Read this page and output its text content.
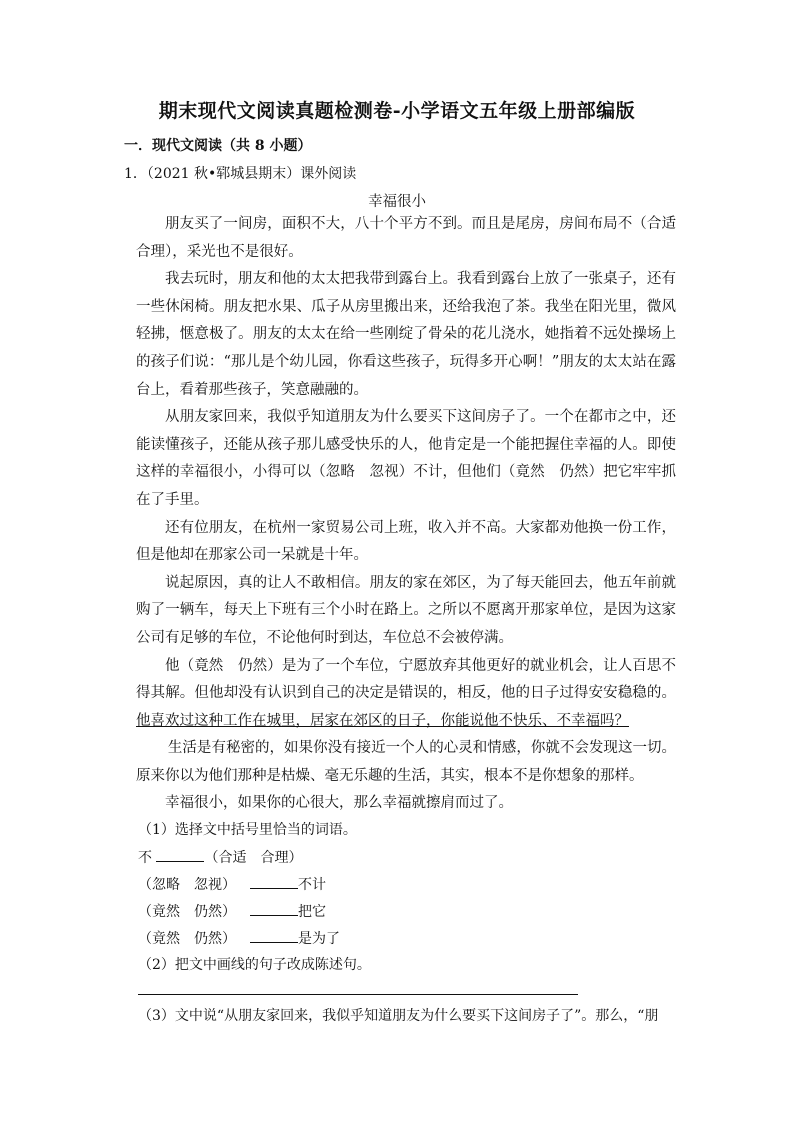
期末现代文阅读真题检测卷-小学语文五年级上册部编版
一．现代文阅读（共 8 小题）
1．（2021 秋•郓城县期末）课外阅读
幸福很小

朋友买了一间房，面积不大，八十个平方不到。而且是尾房，房间布局不（合适 合理），采光也不是很好。

我去玩时，朋友和他的太太把我带到露台上。我看到露台上放了一张桌子，还有一些休闲椅。朋友把水果、瓜子从房里搬出来，还给我泡了茶。我坐在阳光里，微风轻拂，惬意极了。朋友的太太在给一些刚绽了骨朵的花儿浇水，她指着不远处操场上的孩子们说：“那儿是个幼儿园，你看这些孩子，玩得多开心啊！”朋友的太太站在露台上，看着那些孩子，笑意融融的。

从朋友家回来，我似乎知道朋友为什么要买下这间房子了。一个在都市之中，还能读懂孩子，还能从孩子那儿感受快乐的人，他肯定是一个能把握住幸福的人。即使这样的幸福很小，小得可以（忽略　忽视）不计，但他们（竟然　仍然）把它牢牢抓在了手里。

还有位朋友，在杭州一家贸易公司上班，收入并不高。大家都劝他换一份工作，但是他却在那家公司一呆就是十年。

说起原因，真的让人不敢相信。朋友的家在郊区，为了每天能回去，他五年前就购了一辆车，每天上下班有三个小时在路上。之所以不愿离开那家单位，是因为这家公司有足够的车位，不论他何时到达，车位总不会被停满。

他（竟然　仍然）是为了一个车位，宁愿放弃其他更好的就业机会，让人百思不得其解。但他却没有认识到自己的决定是错误的，相反，他的日子过得安安稳稳的。他喜欢过这种工作在城里，居家在郊区的日子，你能说他不快乐、不幸福吗？

生活是有秘密的，如果你没有接近一个人的心灵和情感，你就不会发现这一切。原来你以为他们那种是枯燥、毫无乐趣的生活，其实，根本不是你想象的那样。

幸福很小，如果你的心很大，那么幸福就擦肩而过了。

（1）选择文中括号里恰当的词语。
不	（合适　合理）
（忽略　忽视）	不计
（竟然　仍然）	把它
（竟然　仍然）	是为了
（2）把文中画线的句子改成陈述句。
（3）文中说“从朋友家回来，我似乎知道朋友为什么要买下这间房子了”。那么，“朋
